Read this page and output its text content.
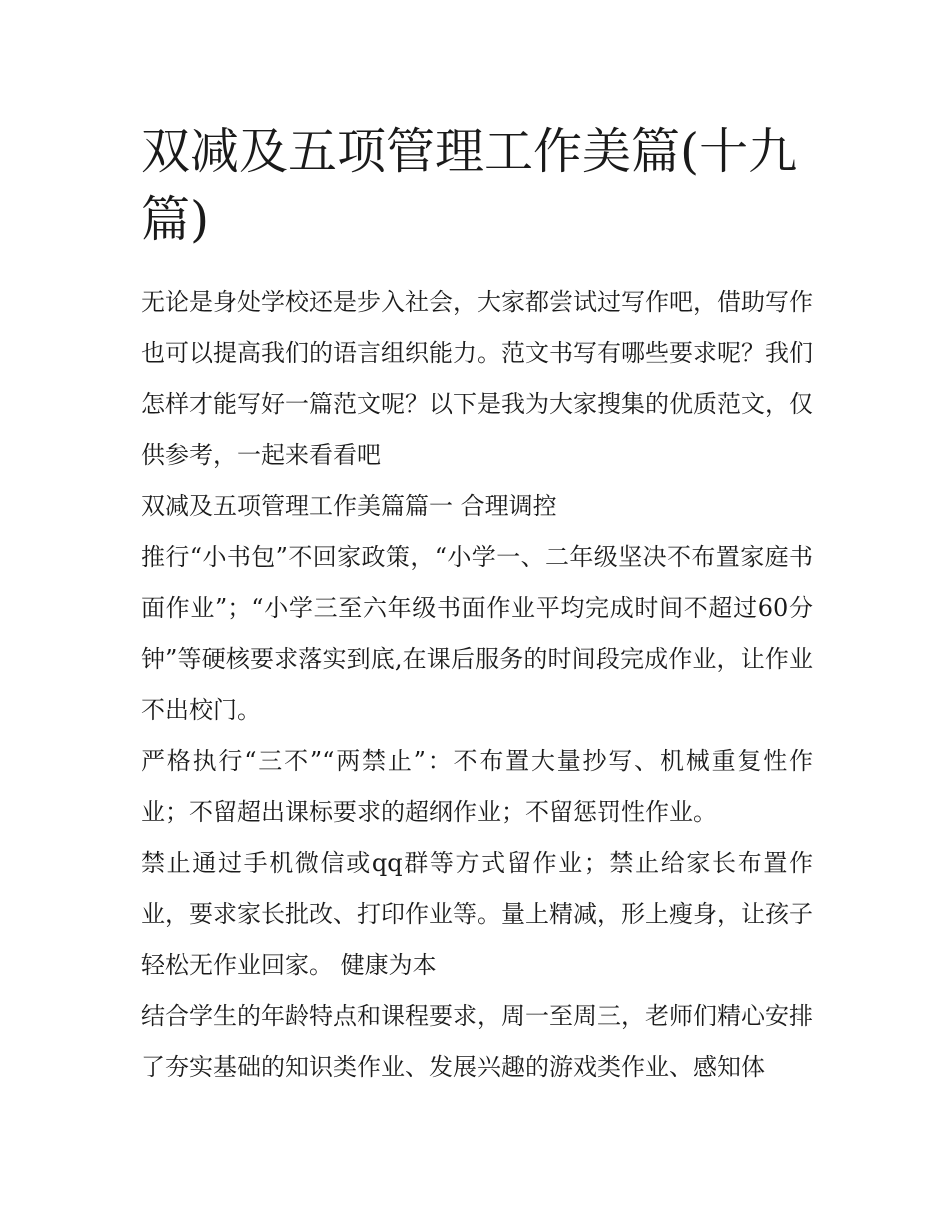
双减及五项管理工作美篇(十九篇)

无论是身处学校还是步入社会，大家都尝试过写作吧，借助写作也可以提高我们的语言组织能力。范文书写有哪些要求呢？我们怎样才能写好一篇范文呢？以下是我为大家搜集的优质范文，仅供参考，一起来看看吧

双减及五项管理工作美篇篇一 合理调控

推行“小书包”不回家政策，“小学一、二年级坚决不布置家庭书面作业”；“小学三至六年级书面作业平均完成时间不超过60分钟”等硬核要求落实到底,在课后服务的时间段完成作业，让作业不出校门。

严格执行“三不”“两禁止”：不布置大量抄写、机械重复性作业；不留超出课标要求的超纲作业；不留惩罚性作业。

禁止通过手机微信或qq群等方式留作业；禁止给家长布置作业，要求家长批改、打印作业等。量上精减，形上瘦身，让孩子轻松无作业回家。 健康为本

结合学生的年龄特点和课程要求，周一至周三，老师们精心安排了夯实基础的知识类作业、发展兴趣的游戏类作业、感知体
